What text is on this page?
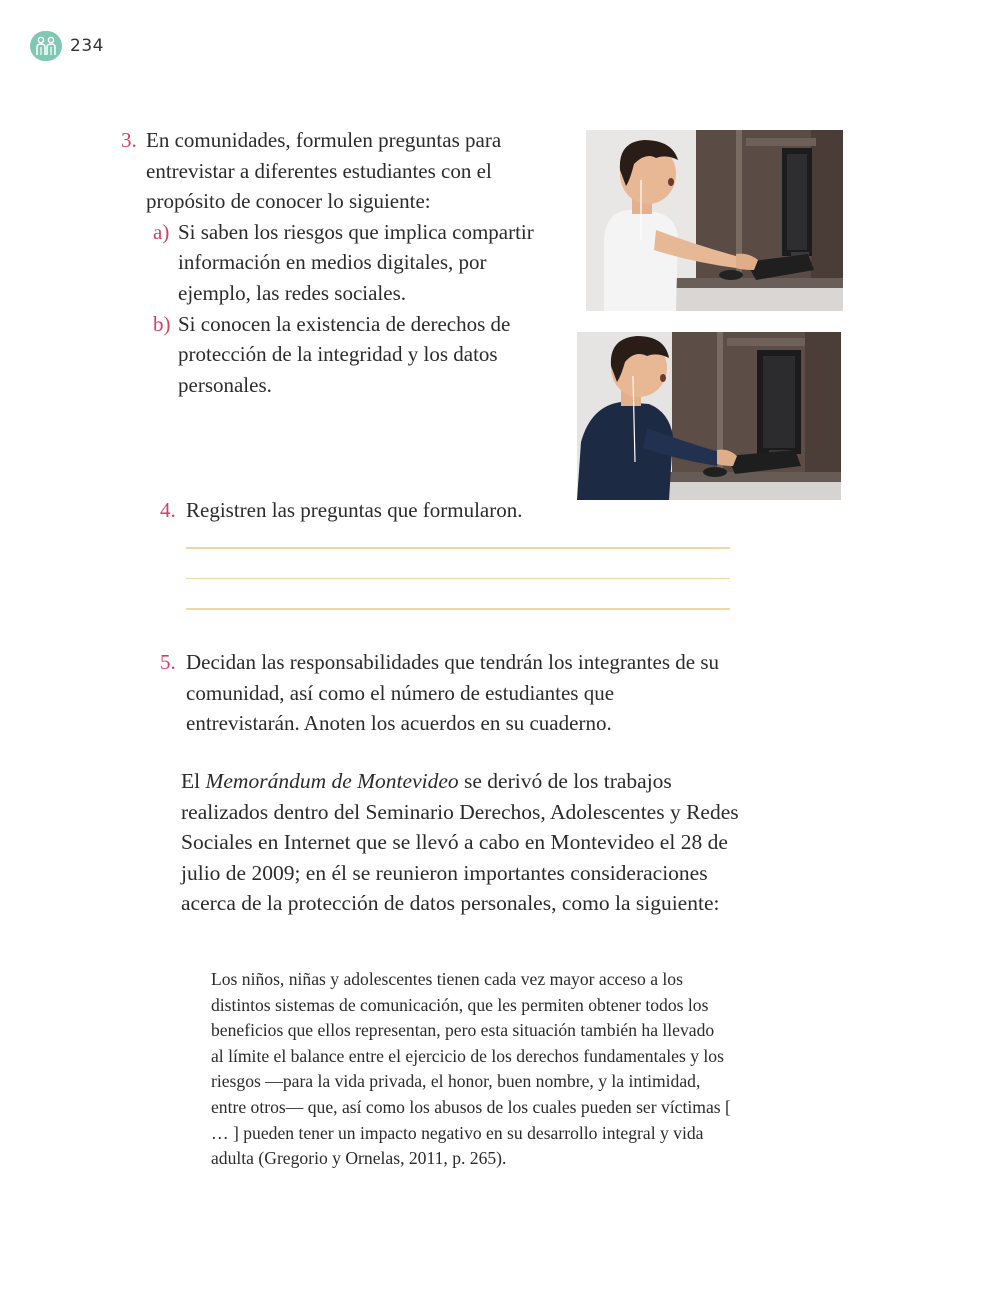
234
3. En comunidades, formulen preguntas para entrevistar a diferentes estudiantes con el propósito de conocer lo siguiente:

a) Si saben los riesgos que implica compartir información en medios digitales, por ejemplo, las redes sociales.
b) Si conocen la existencia de derechos de protección de la integridad y los datos personales.
4. Registren las preguntas que formularon.
5. Decidan las responsabilidades que tendrán los integrantes de su comunidad, así como el número de estudiantes que entrevistarán. Anoten los acuerdos en su cuaderno.

El Memorándum de Montevideo se derivó de los trabajos realizados dentro del Seminario Derechos, Adolescentes y Redes Sociales en Internet que se llevó a cabo en Montevideo el 28 de julio de 2009; en él se reunieron importantes consideraciones acerca de la protección de datos personales, como la siguiente:

Los niños, niñas y adolescentes tienen cada vez mayor acceso a los distintos sistemas de comunicación, que les permiten obtener todos los beneficios que ellos representan, pero esta situación también ha llevado al límite el balance entre el ejercicio de los derechos fundamentales y los riesgos —para la vida privada, el honor, buen nombre, y la intimidad, entre otros— que, así como los abusos de los cuales pueden ser víctimas [ … ] pueden tener un impacto negativo en su desarrollo integral y vida adulta (Gregorio y Ornelas, 2011, p. 265).
